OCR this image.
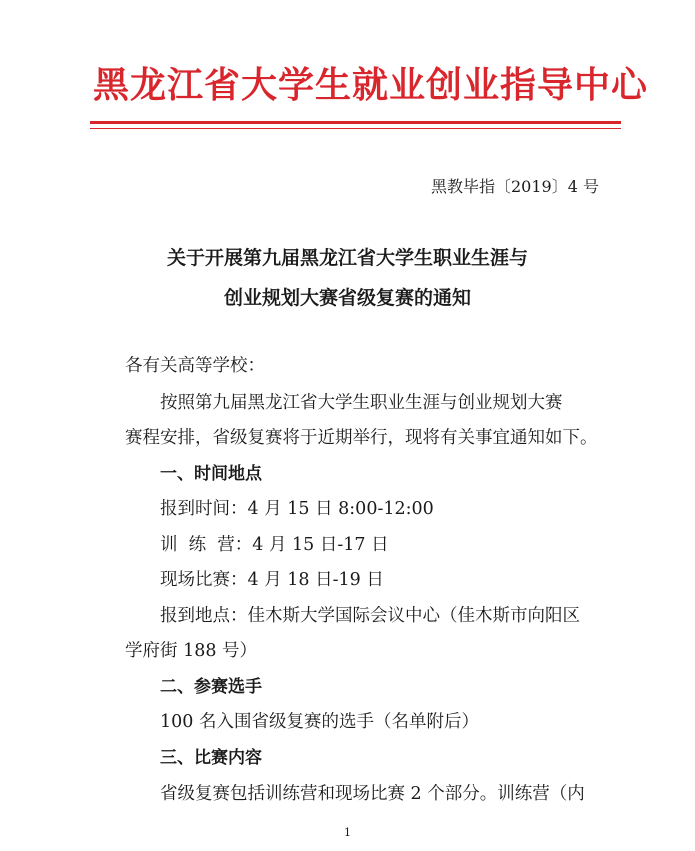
黑龙江省大学生就业创业指导中心
黑教毕指〔2019〕4 号
关于开展第九届黑龙江省大学生职业生涯与
创业规划大赛省级复赛的通知
各有关高等学校：
按照第九届黑龙江省大学生职业生涯与创业规划大赛
赛程安排，省级复赛将于近期举行，现将有关事宜通知如下。
一、时间地点
报到时间：4 月 15 日 8:00-12:00
训  练  营：4 月 15 日-17 日
现场比赛：4 月 18 日-19 日
报到地点：佳木斯大学国际会议中心（佳木斯市向阳区
学府街 188 号）
二、参赛选手
100 名入围省级复赛的选手（名单附后）
三、比赛内容
省级复赛包括训练营和现场比赛 2 个部分。训练营（内
1
